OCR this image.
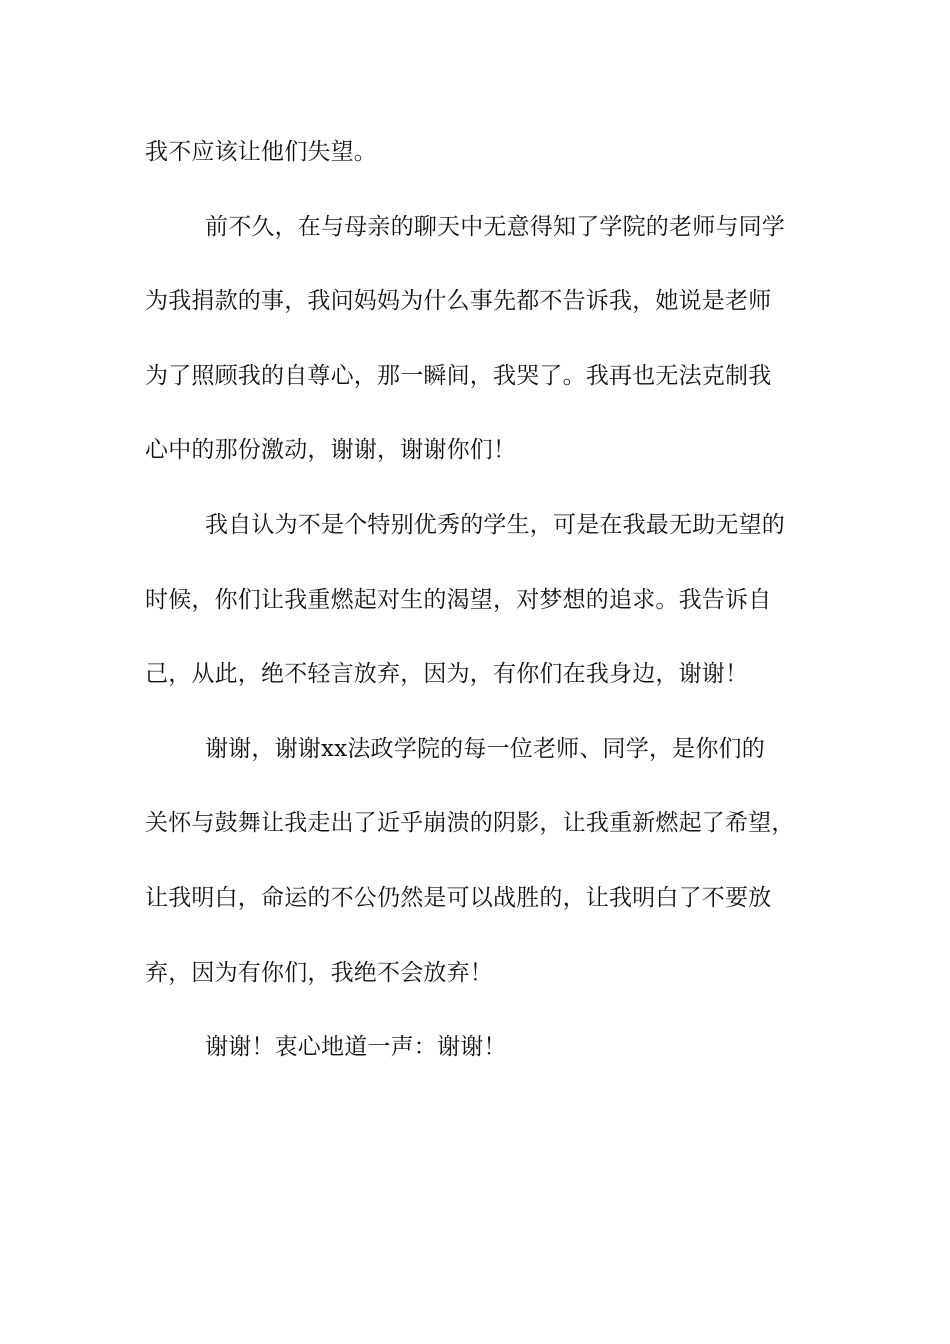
我不应该让他们失望。
前不久，在与母亲的聊天中无意得知了学院的老师与同学
为我捐款的事，我问妈妈为什么事先都不告诉我，她说是老师
为了照顾我的自尊心，那一瞬间，我哭了。我再也无法克制我
心中的那份激动，谢谢，谢谢你们！
我自认为不是个特别优秀的学生，可是在我最无助无望的
时候，你们让我重燃起对生的渴望，对梦想的追求。我告诉自
己，从此，绝不轻言放弃，因为，有你们在我身边，谢谢！
谢谢，谢谢xx法政学院的每一位老师、同学，是你们的
关怀与鼓舞让我走出了近乎崩溃的阴影，让我重新燃起了希望，
让我明白，命运的不公仍然是可以战胜的，让我明白了不要放
弃，因为有你们，我绝不会放弃！
谢谢！衷心地道一声：谢谢！
